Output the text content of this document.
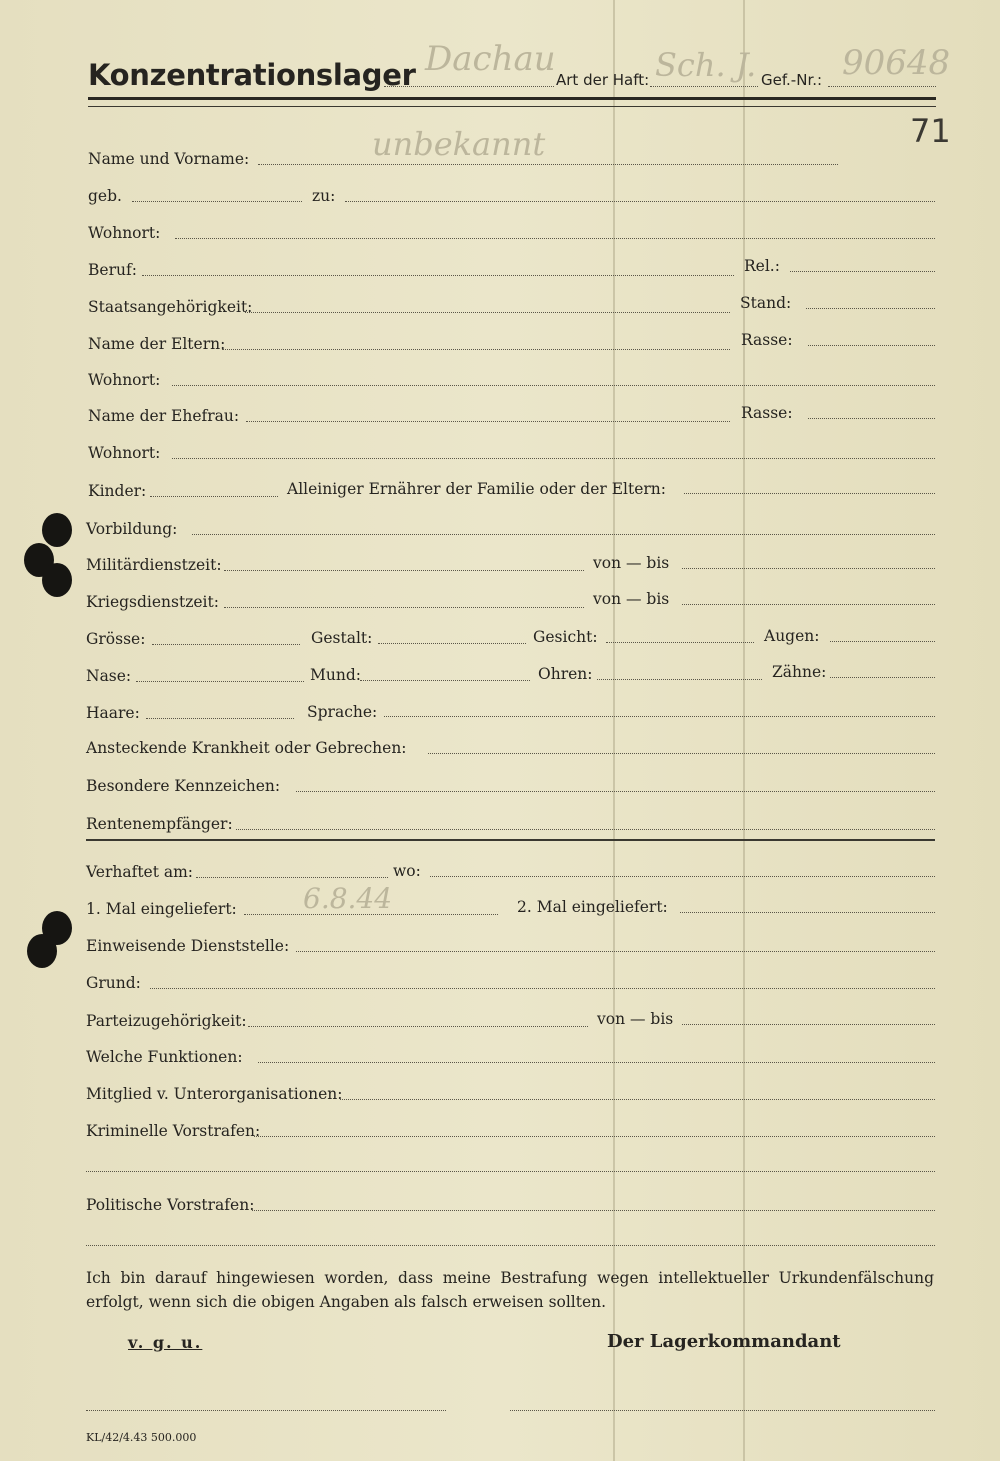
Konzentrationslager Dachau
Art der Haft: Sch. J. Gef.-Nr.: 90648
71
Name und Vorname:	unbekannt
geb.	zu:
Wohnort:
Beruf:	Rel.:
Staatsangehörigkeit:	Stand:
Name der Eltern:	Rasse:
Wohnort:
Name der Ehefrau:	Rasse:
Wohnort:
Kinder:	Alleiniger Ernährer der Familie oder der Eltern:
Vorbildung:
Militärdienstzeit:	von — bis
Kriegsdienstzeit:	von — bis
Grösse:	Gestalt:	Gesicht:	Augen:
Nase:	Mund:	Ohren:	Zähne:
Haare:	Sprache:
Ansteckende Krankheit oder Gebrechen:
Besondere Kennzeichen:
Rentenempfänger:
Verhaftet am:	wo:
1. Mal eingeliefert: 6.8.44	2. Mal eingeliefert:
Einweisende Dienststelle:
Grund:
Parteizugehörigkeit:	von — bis
Welche Funktionen:
Mitglied v. Unterorganisationen:
Kriminelle Vorstrafen:
Politische Vorstrafen:
Ich bin darauf hingewiesen worden, dass meine Bestrafung wegen intellektueller Urkundenfälschung erfolgt, wenn sich die obigen Angaben als falsch erweisen sollten.
v. g. u.	Der Lagerkommandant
KL/42/4.43 500.000
